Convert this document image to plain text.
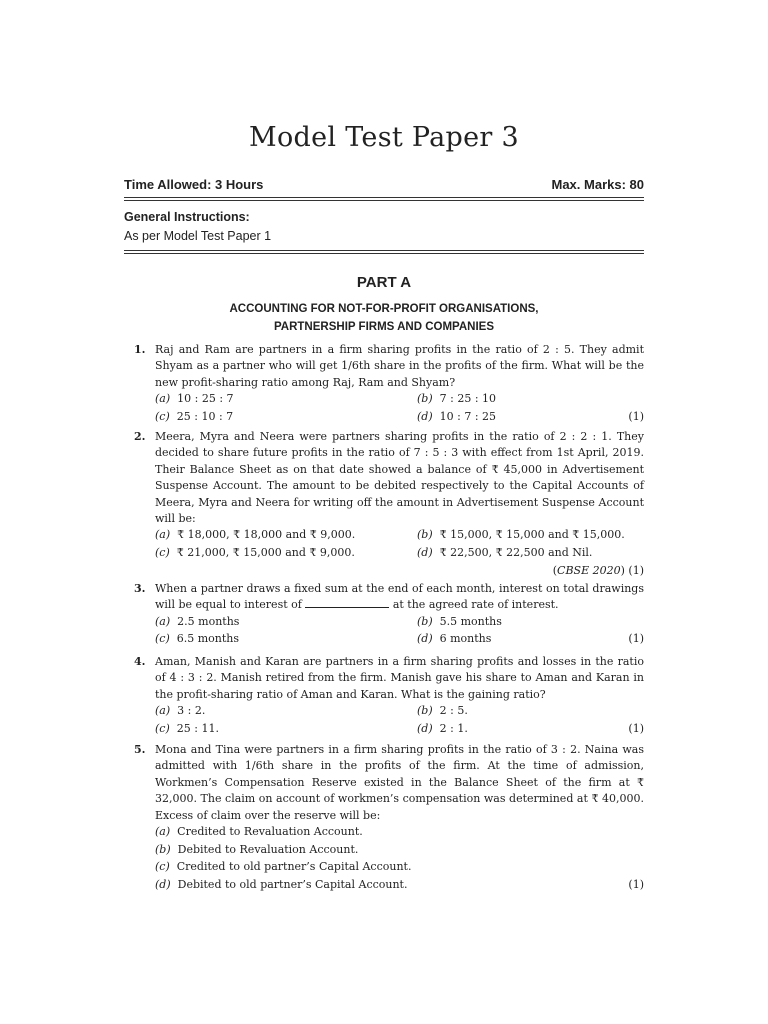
Model Test Paper 3
Time Allowed: 3 Hours	Max. Marks: 80
General Instructions:
As per Model Test Paper 1
PART A
ACCOUNTING FOR NOT-FOR-PROFIT ORGANISATIONS,
PARTNERSHIP FIRMS AND COMPANIES
1. Raj and Ram are partners in a firm sharing profits in the ratio of 2 : 5. They admit Shyam as a partner who will get 1/6th share in the profits of the firm. What will be the new profit-sharing ratio among Raj, Ram and Shyam?
(a) 10 : 25 : 7	(b) 7 : 25 : 10
(c) 25 : 10 : 7	(d) 10 : 7 : 25	(1)
2. Meera, Myra and Neera were partners sharing profits in the ratio of 2 : 2 : 1. They decided to share future profits in the ratio of 7 : 5 : 3 with effect from 1st April, 2019. Their Balance Sheet as on that date showed a balance of ₹ 45,000 in Advertisement Suspense Account. The amount to be debited respectively to the Capital Accounts of Meera, Myra and Neera for writing off the amount in Advertisement Suspense Account will be:
(a) ₹ 18,000, ₹ 18,000 and ₹ 9,000.	(b) ₹ 15,000, ₹ 15,000 and ₹ 15,000.
(c) ₹ 21,000, ₹ 15,000 and ₹ 9,000.	(d) ₹ 22,500, ₹ 22,500 and Nil.
(CBSE 2020) (1)
3. When a partner draws a fixed sum at the end of each month, interest on total drawings will be equal to interest of	at the agreed rate of interest.
(a) 2.5 months	(b) 5.5 months
(c) 6.5 months	(d) 6 months	(1)
4. Aman, Manish and Karan are partners in a firm sharing profits and losses in the ratio of 4 : 3 : 2. Manish retired from the firm. Manish gave his share to Aman and Karan in the profit-sharing ratio of Aman and Karan. What is the gaining ratio?
(a) 3 : 2.	(b) 2 : 5.
(c) 25 : 11.	(d) 2 : 1.	(1)
5. Mona and Tina were partners in a firm sharing profits in the ratio of 3 : 2. Naina was admitted with 1/6th share in the profits of the firm. At the time of admission, Workmen’s Compensation Reserve existed in the Balance Sheet of the firm at ₹ 32,000. The claim on account of workmen’s compensation was determined at ₹ 40,000. Excess of claim over the reserve will be:
(a) Credited to Revaluation Account.
(b) Debited to Revaluation Account.
(c) Credited to old partner’s Capital Account.
(d) Debited to old partner’s Capital Account.	(1)
